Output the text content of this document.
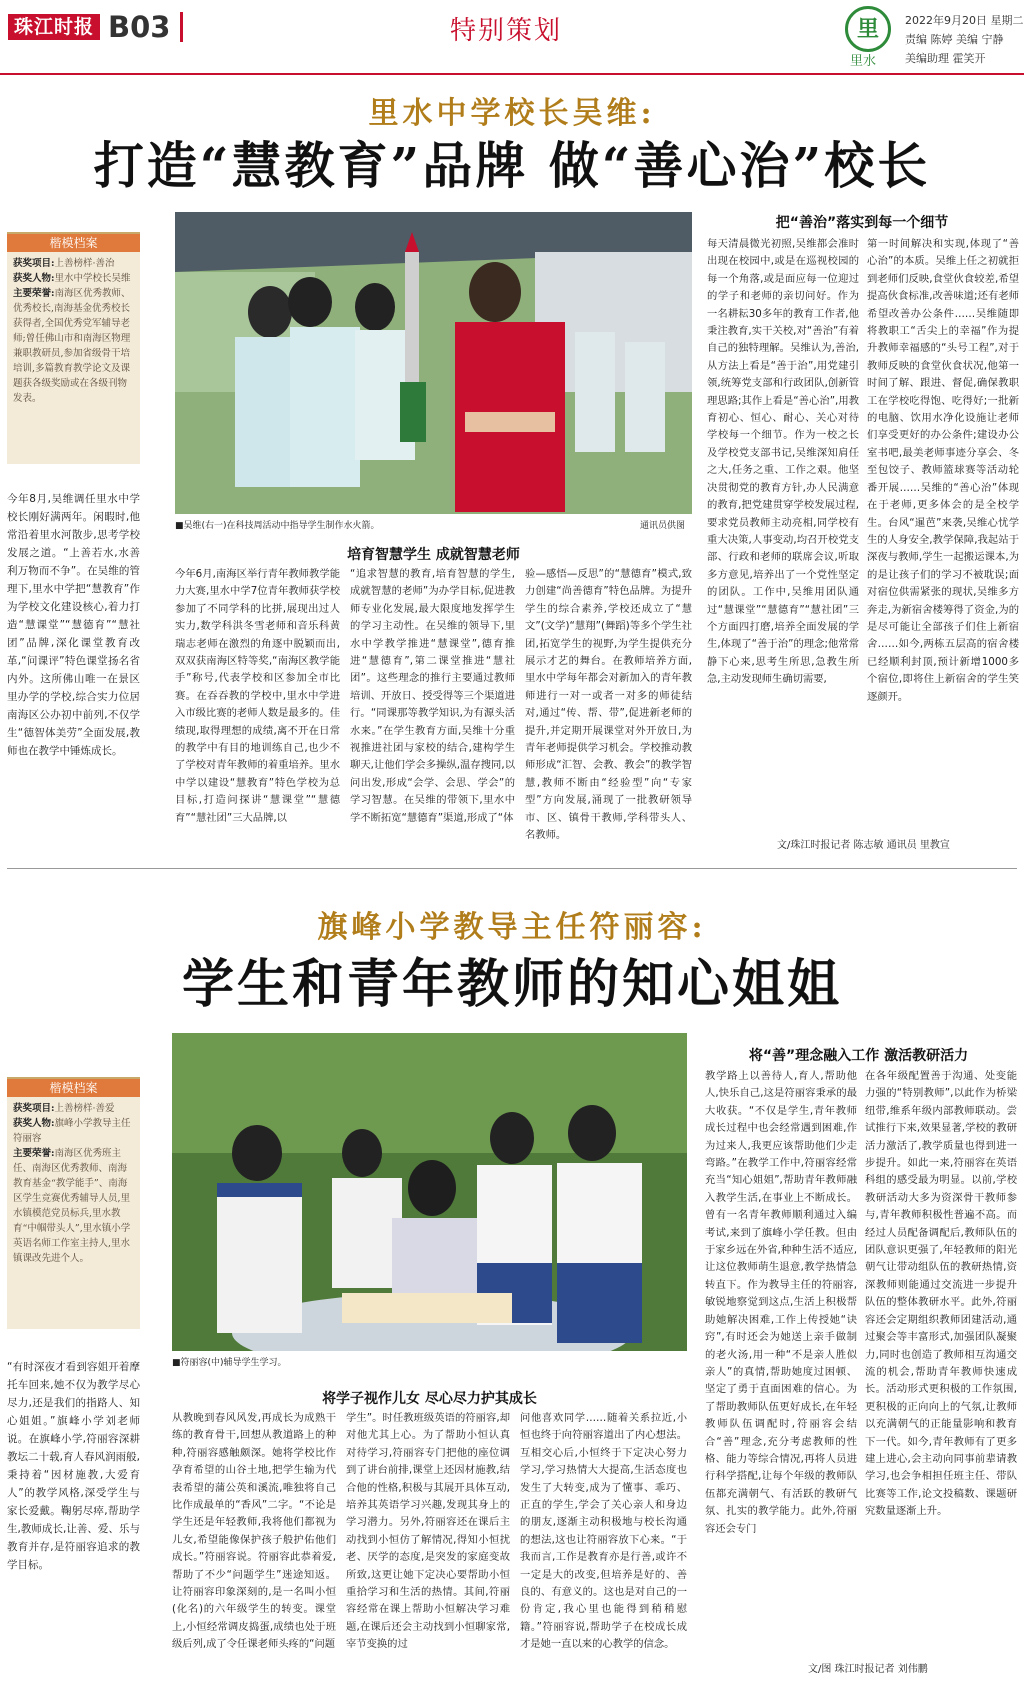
珠江时报 B03	特别策划	里
里水
2022年9月20日 星期二
责编 陈婷 美编 宁静
美编助理 霍笑开
里水中学校长吴维:
打造“慧教育”品牌 做“善心治”校长
楷模档案
获奖项目:上善榜样·善治
获奖人物:里水中学校长吴维
主要荣誉:南海区优秀教师、优秀校长,南海基金优秀校长获得者,全国优秀党军辅导老师;曾任佛山市和南海区物理兼职教研员,参加省级骨干培培训,多篇教育教学论文及课题获各级奖励或在各级刊物发表。
今年8月,吴维调任里水中学校长刚好满两年。闲暇时,他常沿着里水河散步,思考学校发展之道。“上善若水,水善利万物而不争”。在吴维的管理下,里水中学把“慧教育”作为学校文化建设核心,着力打造“慧课堂”“慧德育”“慧社团”品牌,深化课堂教育改革,“问课评”特色课堂扬名省内外。这所佛山唯一在景区里办学的学校,综合实力位居南海区公办初中前列,不仅学生“德智体美劳”全面发展,教师也在教学中锤炼成长。
■吴维(右一)在科技周活动中指导学生制作水火箭。	通讯员供图
培育智慧学生 成就智慧老师
今年6月,南海区举行青年教师教学能力大赛,里水中学7位青年教师获学校参加了不同学科的比拼,展现出过人实力,数学科洪冬雪老师和音乐科黄瑞志老师在激烈的角逐中脱颖而出,双双获南海区特等奖,“南海区教学能手”称号,代表学校和区参加全市比赛。在吞吞教的学校中,里水中学进入市级比赛的老师人数是最多的。佳绩现,取得理想的成绩,离不开在日常的教学中有目的地训练自己,也少不了学校对青年教师的着重培养。里水中学以建设“慧教育”特色学校为总目标,打造问探讲“慧课堂”“慧德育”“慧社团”三大品牌,以
“追求智慧的教育,培育智慧的学生,成就智慧的老师”为办学目标,促进教师专业化发展,最大限度地发挥学生的学习主动性。在吴维的领导下,里水中学教学推进“慧课堂”,德育推进“慧德育”,第二课堂推进“慧社团”。这些理念的推行主要通过教师培训、开放日、授受得等三个渠道进行。“同课那等教学知识,为有源头活水来。”在学生教育方面,吴维十分重视推进社团与家校的结合,建构学生聊天,让他们学会多操纵,温存搜同,以问出发,形成“会学、会思、学会”的学习智慧。在吴维的带领下,里水中学不断拓宽“慧德育”渠道,形成了“体
验—感悟—反思”的“慧德育”模式,致力创建“尚善德育”特色品牌。为提升学生的综合素养,学校还成立了“慧文”(文学)“慧翔”(舞蹈)等多个学生社团,拓宽学生的视野,为学生提供充分展示才艺的舞台。在教师培养方面,里水中学每年都会对新加入的青年教师进行一对一或者一对多的师徒结对,通过“传、帮、带”,促进新老师的提升,并定期开展课堂对外开放日,为青年老师提供学习机会。学校推动教师形成“汇智、会教、教会”的教学智慧,教师不断由“经验型”向“专家型”方向发展,涌现了一批教研领导市、区、镇骨干教师,学科带头人、名教师。
把“善治”落实到每一个细节
每天清晨微光初照,吴维都会准时出现在校园中,或是在巡视校园的每一个角落,或是面应每一位迎过的学子和老师的亲切问好。作为一名耕耘30多年的教育工作者,他秉注教育,实干关校,对“善治”有着自己的独特理解。吴维认为,善治,从方法上看是“善于治”,用党建引领,统筹党支部和行政团队,创新管理思路;其作上看是“善心治”,用教育初心、恒心、耐心、关心对待学校每一个细节。作为一校之长及学校党支部书记,吴维深知肩任之大,任务之重、工作之艰。他坚决贯彻党的教育方针,办人民满意的教育,把党建贯穿学校发展过程,要求党员教师主动亮相,同学校有重大决策,人事变动,均召开校党支部、行政和老师的联席会议,听取多方意见,培养出了一个党性坚定的团队。工作中,吴维用团队通过“慧课堂”“慧德育”“慧社团”三个方面四打磨,培养全面发展的学生,体现了“善于治”的理念;他常常静下心来,思考生所思,急教生所急,主动发现师生确切需要,
第一时间解决和实现,体现了“善心治”的本质。吴维上任之初就拒到老师们反映,食堂伙食较差,希望提高伙食标准,改善味道;还有老师希望改善办公条件……吴维随即将教职工“舌尖上的幸福”作为提升教师幸福感的“头号工程”,对于教师反映的食堂伙食状况,他第一时间了解、跟进、督促,确保教职工在学校吃得饱、吃得好;一批新的电脑、饮用水净化设施让老师们享受更好的办公条件;建设办公室书吧,最美老师事迹分享会、冬至包饺子、教师篮球赛等活动轮番开展……吴维的“善心治”体现在于老师,更多体会的是全校学生。台风“暹芭”来袭,吴维心忧学生的人身安全,教学保障,我起站于深夜与教师,学生一起搬运课本,为的是让孩子们的学习不被耽误;面对宿位供需紧张的现状,吴维多方奔走,为新宿舍楼筹得了资金,为的是尽可能让全部孩子们住上新宿舍……如今,两栋五层高的宿舍楼已经顺利封顶,预计新增1000多个宿位,即将住上新宿舍的学生笑逐颜开。
文/珠江时报记者 陈志敏 通讯员 里教宣
旗峰小学教导主任符丽容:
学生和青年教师的知心姐姐
楷模档案
获奖项目:上善榜样·善爱
获奖人物:旗峰小学教导主任符丽容
主要荣誉:南海区优秀班主任、南海区优秀教师、南海教育基金“教学能手”、南海区学生竞赛优秀辅导人员,里水镇模范党员标兵,里水教育“中帼带头人”,里水镇小学英语名师工作室主持人,里水镇课改先进个人。
“有时深夜才看到容姐开着摩托车回来,她不仅为教学尽心尽力,还是我们的指路人、知心姐姐。”旗峰小学刘老师说。在旗峰小学,符丽容深耕教坛二十载,育人春风润雨般,秉持着“因材施教,大爱育人”的教学风格,深受学生与家长爱戴。鞠躬尽瘁,帮助学生,教师成长,让善、爱、乐与教育并存,是符丽容追求的教学目标。
■符丽容(中)辅导学生学习。
将学子视作儿女 尽心尽力护其成长
从教晚到春风风发,再成长为成熟干练的教育骨干,回想从教道路上的种种,符丽容感触颇深。她将学校比作孕育希望的山谷土地,把学生输为代表希望的蒲公英和溪流,唯独将自己比作成最单的“香风”二字。“不论是学生还是年轻教师,我将他们都视为儿女,希望能像保护孩子般护佑他们成长。”符丽容说。符丽容此恭着爱,帮助了不少“问题学生”迷途知返。让符丽容印象深刻的,是一名叫小恒(化名)的六年级学生的转变。课堂上,小恒经常调皮捣蛋,成绩也处于班级后列,成了令任课老师头疼的“问题
学生”。时任教班级英语的符丽容,却对他尤其上心。为了帮助小恒认真对待学习,符丽容专门把他的座位调到了讲台前排,课堂上还因材施教,结合他的性格,积极与其展开具体互动,培养其英语学习兴趣,发现其身上的学习潜力。另外,符丽容还在课后主动找到小恒仿了解情况,得知小恒扰老、厌学的态度,是突发的家庭变故所致,这更让她下定决心要帮助小恒重拾学习和生活的热情。其间,符丽容经常在课上帮助小恒解决学习难题,在课后还会主动找到小恒聊家常,宰节变换的过
问他喜欢同学……随着关系拉近,小恒也终于向符丽容道出了内心想法。互相交心后,小恒终于下定决心努力学习,学习热情大大提高,生活态度也发生了大转变,成为了懂事、乖巧、正直的学生,学会了关心亲人和身边的朋友,逐渐主动积极地与校长沟通的想法,这也让符丽容放下心来。“于我而言,工作是教育亦是行善,或许不一定是大的改变,但培养是好的、善良的、有意义的。这也是对自己的一份肯定,我心里也能得到稍稍慰籍。”符丽容说,帮助学子在校成长成才是她一直以来的心教学的信念。
将“善”理念融入工作 激活教研活力
教学路上以善待人,育人,帮助他人,快乐自己,这是符丽容秉承的最大收获。“不仅是学生,青年教师成长过程中也会经常遇到困难,作为过来人,我更应该帮助他们少走弯路。”在教学工作中,符丽容经常充当“知心姐姐”,帮助青年教师融入教学生活,在事业上不断成长。曾有一名青年教师顺利通过入编考试,来到了旗峰小学任教。但由于家乡远在外省,种种生活不适应,让这位教师萌生退意,教学热情急转直下。作为教导主任的符丽容,敏锐地察觉到这点,生活上积极帮助她解决困难,工作上传授她“诀窍”,有时还会为她送上亲手做制的老火汤,用一种“不是亲人胜似亲人”的真情,帮助她度过困顿、坚定了勇于直面困难的信心。为了帮助教师队伍更好成长,在年轻教师队伍调配时,符丽容会结合“善”理念,充分考虑教师的性格、能力等综合情况,再将人员进行科学搭配,让每个年级的教师队伍都充满朝气、有活跃的教研气氛、扎实的教学能力。此外,符丽容还会专门
在各年级配置善于沟通、处变能力强的“特别教师”,以此作为桥梁纽带,维系年级内部教师联动。尝试推行下来,效果显著,学校的教研活力激活了,教学质量也得到进一步提升。如此一来,符丽容在英语科组的感受最为明显。以前,学校教研活动大多为资深骨干教师参与,青年教师积极性普遍不高。而经过人员配备调配后,教师队伍的团队意识更强了,年轻教师的阳光朝气让带动组队伍的教研热情,资深教师则能通过交流进一步提升队伍的整体教研水平。此外,符丽容还会定期组织教师团建活动,通过聚会等丰富形式,加强团队凝聚力,同时也创造了教师相互沟通交流的机会,帮助青年教师快速成长。活动形式更积极的工作氛围,更积极的正向向上的气氛,让教师以充满朝气的正能量影响和教育下一代。如今,青年教师有了更多建上进心,会主动向同事前辈请教学习,也会争相担任班主任、带队比赛等工作,论文投稿数、课题研究数量逐渐上升。
文/图 珠江时报记者 刘伟鹏
